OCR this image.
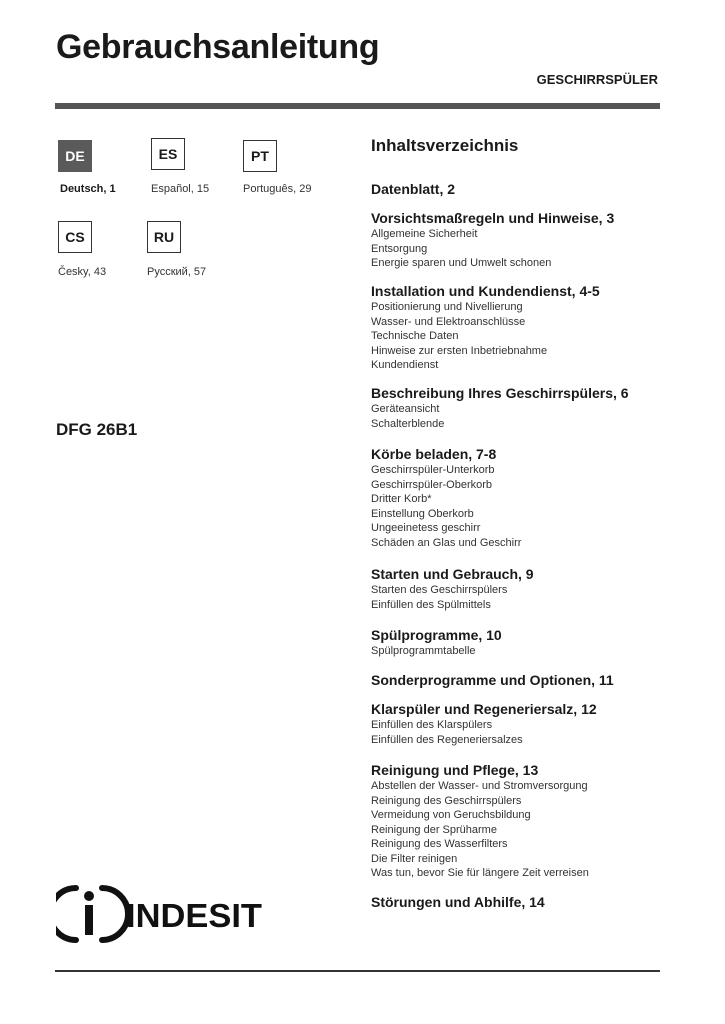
Gebrauchsanleitung
GESCHIRRSPÜLER
DE
Deutsch, 1
ES
Español, 15
PT
Português, 29
CS
Česky, 43
RU
Русский, 57
DFG 26B1
INDESIT
Inhaltsverzeichnis
Datenblatt, 2
Vorsichtsmaßregeln und Hinweise, 3
Allgemeine Sicherheit
Entsorgung
Energie sparen und Umwelt schonen
Installation und Kundendienst, 4-5
Positionierung und Nivellierung
Wasser- und Elektroanschlüsse
Technische Daten
Hinweise zur ersten Inbetriebnahme
Kundendienst
Beschreibung Ihres Geschirrspülers, 6
Geräteansicht
Schalterblende
Körbe beladen, 7-8
Geschirrspüler-Unterkorb
Geschirrspüler-Oberkorb
Dritter Korb*
Einstellung Oberkorb
Ungeeinetess geschirr
Schäden an Glas und Geschirr
Starten und Gebrauch, 9
Starten des Geschirrspülers
Einfüllen des Spülmittels
Spülprogramme, 10
Spülprogrammtabelle
Sonderprogramme und Optionen, 11
Klarspüler und Regeneriersalz, 12
Einfüllen des Klarspülers
Einfüllen des Regeneriersalzes
Reinigung und Pflege, 13
Abstellen der Wasser- und Stromversorgung
Reinigung des Geschirrspülers
Vermeidung von Geruchsbildung
Reinigung der Sprüharme
Reinigung des Wasserfilters
Die Filter reinigen
Was tun, bevor Sie für längere Zeit verreisen
Störungen und Abhilfe, 14
